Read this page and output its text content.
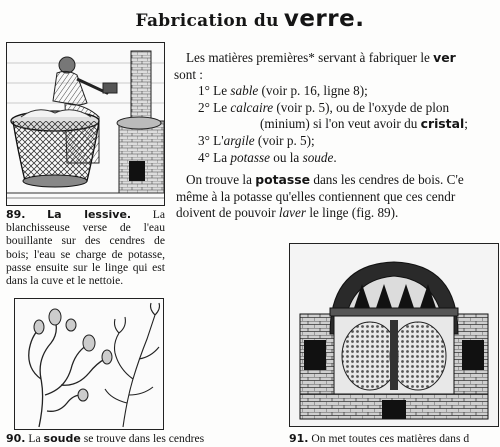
Fabrication du verre.
89. La lessive. La blanchisseuse verse de l'eau bouillante sur des cendres de bois; l'eau se charge de potasse, passe ensuite sur le linge qui est dans la cuve et le nettoie.
90. La soude se trouve dans les cendres
Les matières premières* servant à fabriquer le ver
sont :
1° Le sable (voir p. 16, ligne 8);
2° Le calcaire (voir p. 5), ou de l'oxyde de plon
(minium) si l'on veut avoir du cristal;
3° L'argile (voir p. 5);
4° La potasse ou la soude.
On trouve la potasse dans les cendres de bois. C'e
même à la potasse qu'elles contiennent que ces cendr
doivent de pouvoir laver le linge (fig. 89).
91. On met toutes ces matières dans d
